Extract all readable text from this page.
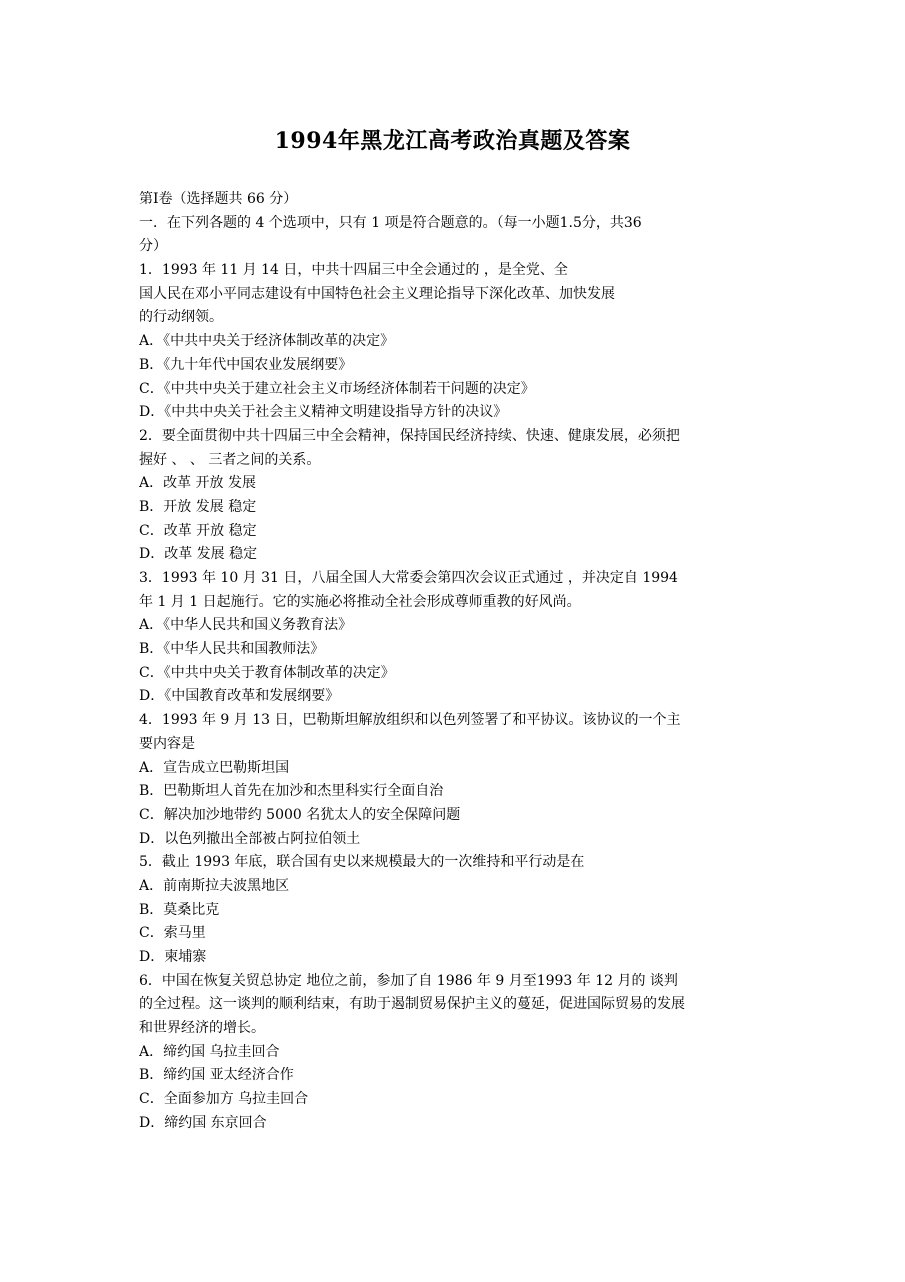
1994年黑龙江高考政治真题及答案
第Ⅰ卷（选择题共 66 分）
一．在下列各题的 4 个选项中，只有 1 项是符合题意的。（每一小题1.5分，共36
分）
1．1993 年 11 月 14 日，中共十四届三中全会通过的 ，是全党、全
国人民在邓小平同志建设有中国特色社会主义理论指导下深化改革、加快发展
的行动纲领。
A．《中共中央关于经济体制改革的决定》
B．《九十年代中国农业发展纲要》
C．《中共中央关于建立社会主义市场经济体制若干问题的决定》
D．《中共中央关于社会主义精神文明建设指导方针的决议》
2．要全面贯彻中共十四届三中全会精神，保持国民经济持续、快速、健康发展，必须把
握好 、 、 三者之间的关系。
A．改革 开放 发展
B．开放 发展 稳定
C．改革 开放 稳定
D．改革 发展 稳定
3．1993 年 10 月 31 日，八届全国人大常委会第四次会议正式通过 ，并决定自 1994
年 1 月 1 日起施行。它的实施必将推动全社会形成尊师重教的好风尚。
A．《中华人民共和国义务教育法》
B．《中华人民共和国教师法》
C．《中共中央关于教育体制改革的决定》
D．《中国教育改革和发展纲要》
4．1993 年 9 月 13 日，巴勒斯坦解放组织和以色列签署了和平协议。该协议的一个主
要内容是
A．宣告成立巴勒斯坦国
B．巴勒斯坦人首先在加沙和杰里科实行全面自治
C．解决加沙地带约 5000 名犹太人的安全保障问题
D．以色列撤出全部被占阿拉伯领土
5．截止 1993 年底，联合国有史以来规模最大的一次维持和平行动是在
A．前南斯拉夫波黑地区
B．莫桑比克
C．索马里
D．柬埔寨
6．中国在恢复关贸总协定 地位之前，参加了自 1986 年 9 月至1993 年 12 月的 谈判
的全过程。这一谈判的顺利结束，有助于遏制贸易保护主义的蔓延，促进国际贸易的发展
和世界经济的增长。
A．缔约国 乌拉圭回合
B．缔约国 亚太经济合作
C．全面参加方 乌拉圭回合
D．缔约国 东京回合
